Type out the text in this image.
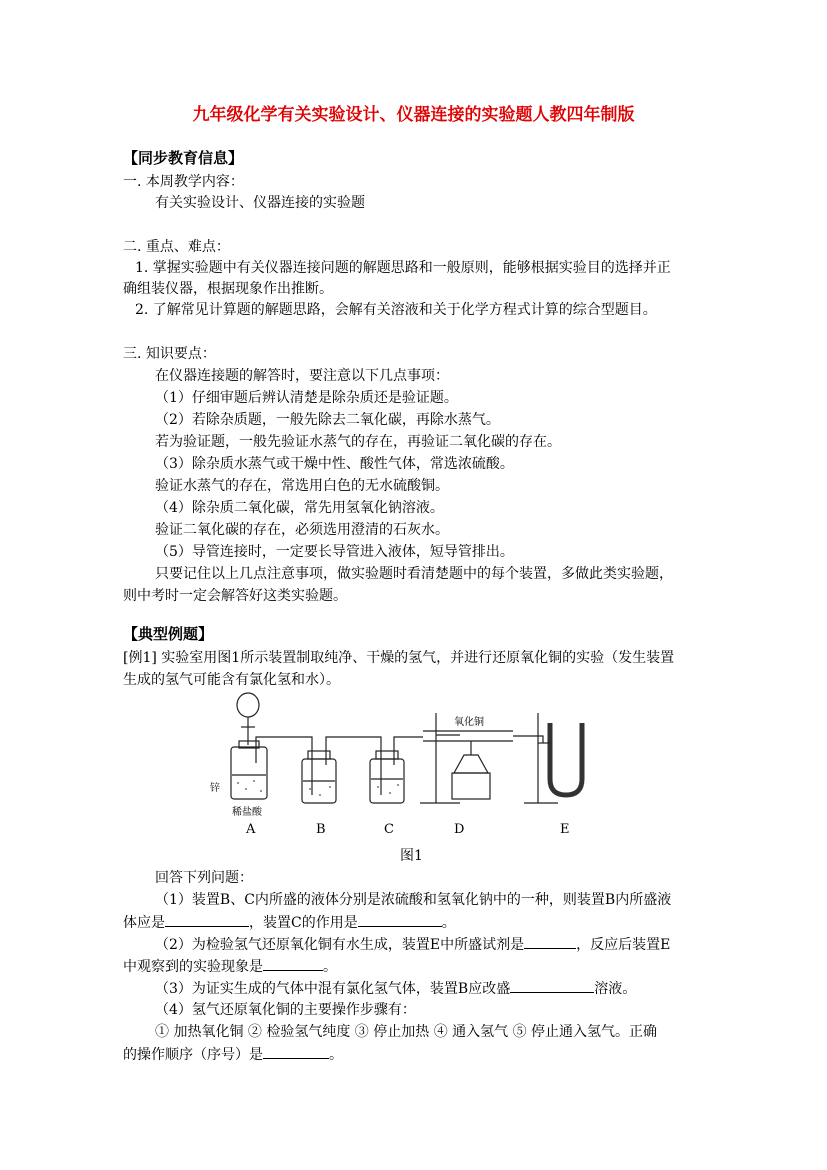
九年级化学有关实验设计、仪器连接的实验题人教四年制版
【同步教育信息】
一. 本周教学内容：
有关实验设计、仪器连接的实验题
二. 重点、难点：
1. 掌握实验题中有关仪器连接问题的解题思路和一般原则，能够根据实验目的选择并正
确组装仪器，根据现象作出推断。
2. 了解常见计算题的解题思路，会解有关溶液和关于化学方程式计算的综合型题目。
三. 知识要点：
在仪器连接题的解答时，要注意以下几点事项：
（1）仔细审题后辨认清楚是除杂质还是验证题。
（2）若除杂质题，一般先除去二氧化碳，再除水蒸气。
若为验证题，一般先验证水蒸气的存在，再验证二氧化碳的存在。
（3）除杂质水蒸气或干燥中性、酸性气体，常选浓硫酸。
验证水蒸气的存在，常选用白色的无水硫酸铜。
（4）除杂质二氧化碳，常先用氢氧化钠溶液。
验证二氧化碳的存在，必须选用澄清的石灰水。
（5）导管连接时，一定要长导管进入液体，短导管排出。
只要记住以上几点注意事项，做实验题时看清楚题中的每个装置，多做此类实验题，
则中考时一定会解答好这类实验题。
【典型例题】
[例1] 实验室用图1所示装置制取纯净、干燥的氢气，并进行还原氧化铜的实验（发生装置
生成的氢气可能含有氯化氢和水）。
锌
稀盐酸
氧化铜
A	B	C	D	E
图1
回答下列问题：
（1）装置B、C内所盛的液体分别是浓硫酸和氢氧化钠中的一种，则装置B内所盛液
体应是	，装置C的作用是	。
（2）为检验氢气还原氧化铜有水生成，装置E中所盛试剂是	，反应后装置E
中观察到的实验现象是	。
（3）为证实生成的气体中混有氯化氢气体，装置B应改盛	溶液。
（4）氢气还原氧化铜的主要操作步骤有：
① 加热氧化铜 ② 检验氢气纯度 ③ 停止加热 ④ 通入氢气 ⑤ 停止通入氢气。正确
的操作顺序（序号）是	。
